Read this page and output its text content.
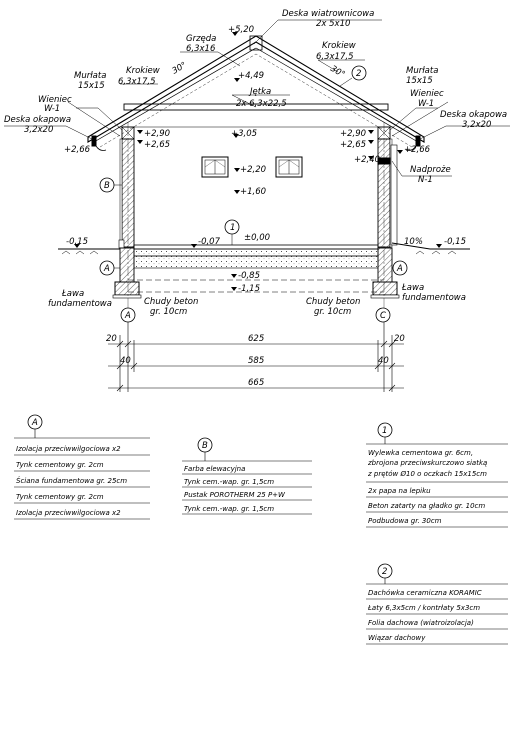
Deska wiatrownicowa
2x 5x10
+5,20
Grzęda
6,3x16	Krokiew
6,3x17,5
Krokiew
6,3x17,5
30°	30°
+4,49
Murłata
15x15
Murłata
15x15
Wieniec
W-1
Wieniec
W-1
Deska okapowa
3,2x20
Deska okapowa
3,2x20
Jętka
2x 6,3x22,5
+3,05
+2,90
+2,65
+2,66
+2,90
+2,65	+2,66
+2,40
+2,20
+1,60
Nadproże
N-1
-0,15	-0,15
10%
-0,07	±0,00
-0,85
-1,15
Ława
fundamentowa
Ława
fundamentowa
Chudy beton
gr. 10cm
Chudy beton
gr. 10cm
B
A	A
1
2
A	C
20	625	20
40	585	40
665
A
Izolacja przeciwwilgociowa x2
Tynk cementowy gr. 2cm
Ściana fundamentowa gr. 25cm
Tynk cementowy gr. 2cm
Izolacja przeciwwilgociowa x2
B
Farba elewacyjna
Tynk cem.-wap. gr. 1,5cm
Pustak POROTHERM 25 P+W
Tynk cem.-wap. gr. 1,5cm
1
Wylewka cementowa gr. 6cm,
zbrojona przeciwskurczowo siatką
z prętów Ø10 o oczkach 15x15cm
2x papa na lepiku
Beton zatarty na gładko gr. 10cm
Podbudowa gr. 30cm
2
Dachówka ceramiczna KORAMIC
Łaty 6,3x5cm / kontrłaty 5x3cm
Folia dachowa (wiatroizolacja)
Wiązar dachowy
